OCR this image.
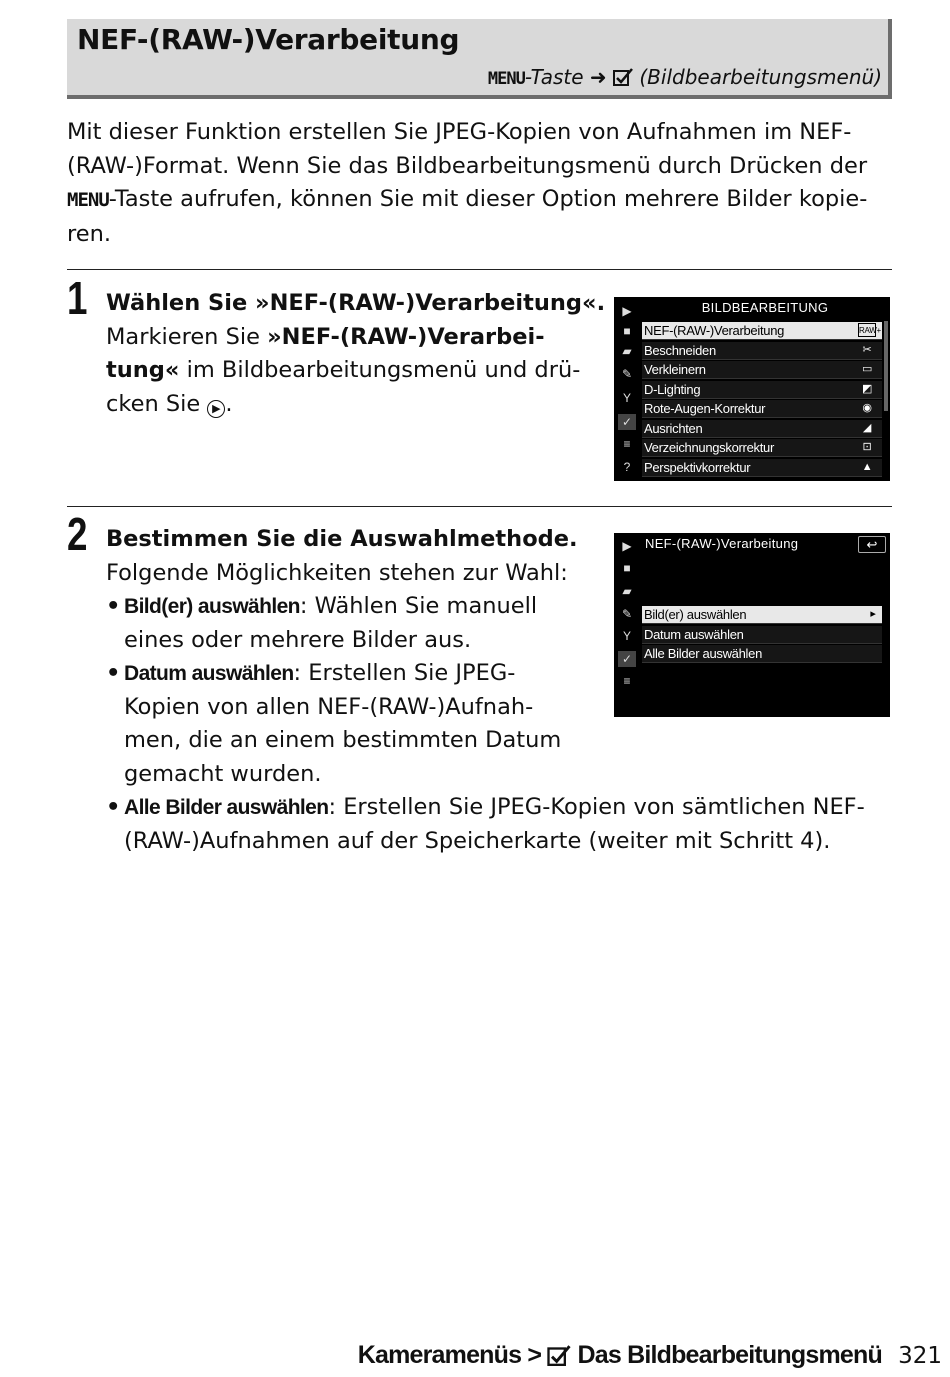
NEF-(RAW-)Verarbeitung
MENU-Taste ➜ (Bildbearbeitungsmenü)
Mit dieser Funktion erstellen Sie JPEG-Kopien von Aufnahmen im NEF-
(RAW-)Format. Wenn Sie das Bildbearbeitungsmenü durch Drücken der
MENU-Taste aufrufen, können Sie mit dieser Option mehrere Bilder kopie-
ren.
1 Wählen Sie »NEF-(RAW-)Verarbeitung«.
Markieren Sie »NEF-(RAW-)Verarbei-
tung« im Bildbearbeitungsmenü und drü-
cken Sie ▶ .
▶
■
▰
✎
Y
✓
≡
?
BILDBEARBEITUNG
NEF-(RAW-)Verarbeitung	RAW+
Beschneiden	✂
Verkleinern	▭
D-Lighting	◩
Rote-Augen-Korrektur	◉
Ausrichten	◢
Verzeichnungskorrektur	⊡
Perspektivkorrektur	▲
2 Bestimmen Sie die Auswahlmethode.
Folgende Möglichkeiten stehen zur Wahl:
• Bild(er) auswählen: Wählen Sie manuell
eines oder mehrere Bilder aus.
• Datum auswählen: Erstellen Sie JPEG-
Kopien von allen NEF-(RAW-)Aufnah-
men, die an einem bestimmten Datum
gemacht wurden.
• Alle Bilder auswählen: Erstellen Sie JPEG-Kopien von sämtlichen NEF-
(RAW-)Aufnahmen auf der Speicherkarte (weiter mit Schritt 4).
▶
■
▰
✎
Y
✓
≡
NEF-(RAW-)Verarbeitung	↩
Bild(er) auswählen	▸
Datum auswählen
Alle Bilder auswählen
Kameramenüs >  Das Bildbearbeitungsmenü 321
